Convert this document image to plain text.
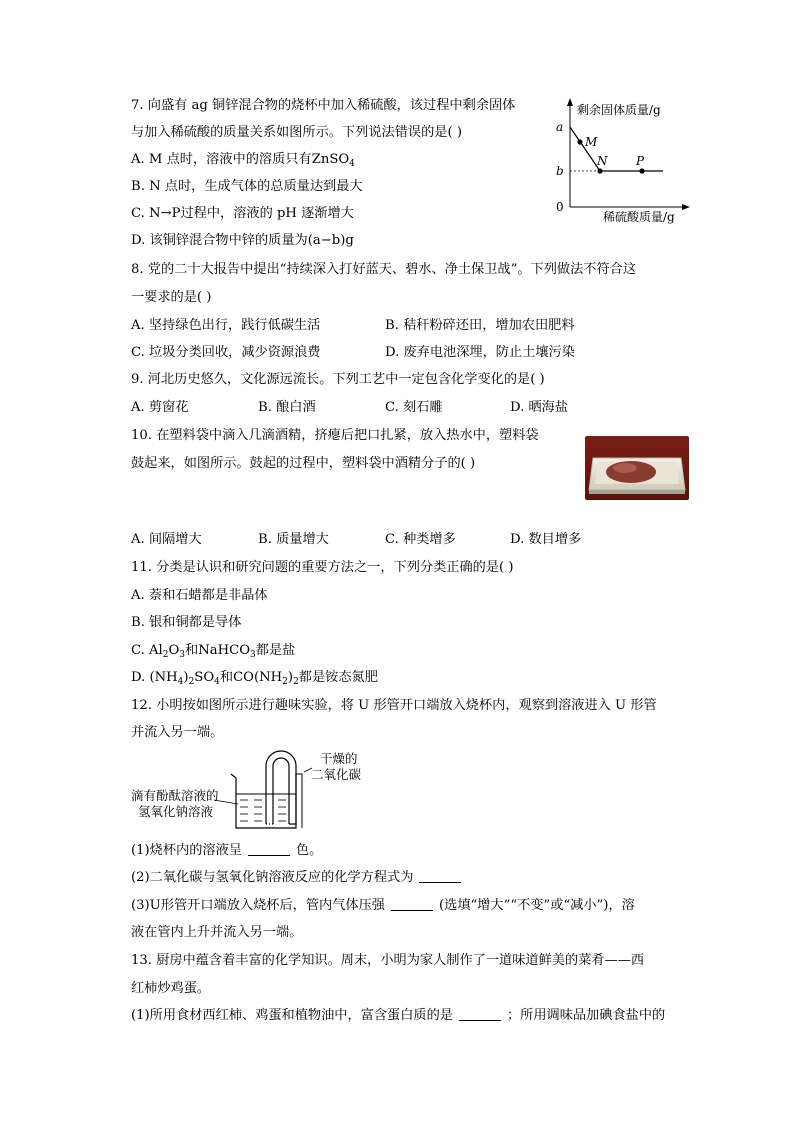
7. 向盛有 ag 铜锌混合物的烧杯中加入稀硫酸，该过程中剩余固体
与加入稀硫酸的质量关系如图所示。下列说法错误的是( )
A. M 点时，溶液中的溶质只有ZnSO$_4$
B. N 点时，生成气体的总质量达到最大
C. N→P过程中，溶液的 pH 逐渐增大
D. 该铜锌混合物中锌的质量为(a−b)g
剩余固体质量/g
稀硫酸质量/g
a
b
0
M
N P
8. 党的二十大报告中提出“持续深入打好蓝天、碧水、净土保卫战”。下列做法不符合这
一要求的是( )
A. 坚持绿色出行，践行低碳生活	B. 秸秆粉碎还田，增加农田肥料
C. 垃圾分类回收，减少资源浪费	D. 废弃电池深埋，防止土壤污染
9. 河北历史悠久，文化源远流长。下列工艺中一定包含化学变化的是( )
A. 剪窗花	B. 酿白酒	C. 刻石雕	D. 晒海盐
10. 在塑料袋中滴入几滴酒精，挤瘪后把口扎紧，放入热水中，塑料袋
鼓起来，如图所示。鼓起的过程中，塑料袋中酒精分子的( )
A. 间隔增大	B. 质量增大	C. 种类增多	D. 数目增多
11. 分类是认识和研究问题的重要方法之一，下列分类正确的是( )
A. 萘和石蜡都是非晶体
B. 银和铜都是导体
C. $Al_2O_3$和NaHCO$_3$都是盐
D. $(NH_4)_2SO_4$和$CO(NH_2)_2$都是铵态氮肥
12. 小明按如图所示进行趣味实验，将 U 形管开口端放入烧杯内，观察到溶液进入 U 形管
并流入另一端。
滴有酚酞溶液的
氢氧化钠溶液
干燥的
二氧化碳
(1)烧杯内的溶液呈	色。
(2)二氧化碳与氢氧化钠溶液反应的化学方程式为
(3)U形管开口端放入烧杯后，管内气体压强	(选填“增大”“不变”或“减小”)，溶
液在管内上升并流入另一端。
13. 厨房中蕴含着丰富的化学知识。周末，小明为家人制作了一道味道鲜美的菜肴——西
红柿炒鸡蛋。
(1)所用食材西红柿、鸡蛋和植物油中，富含蛋白质的是	；所用调味品加碘食盐中的
